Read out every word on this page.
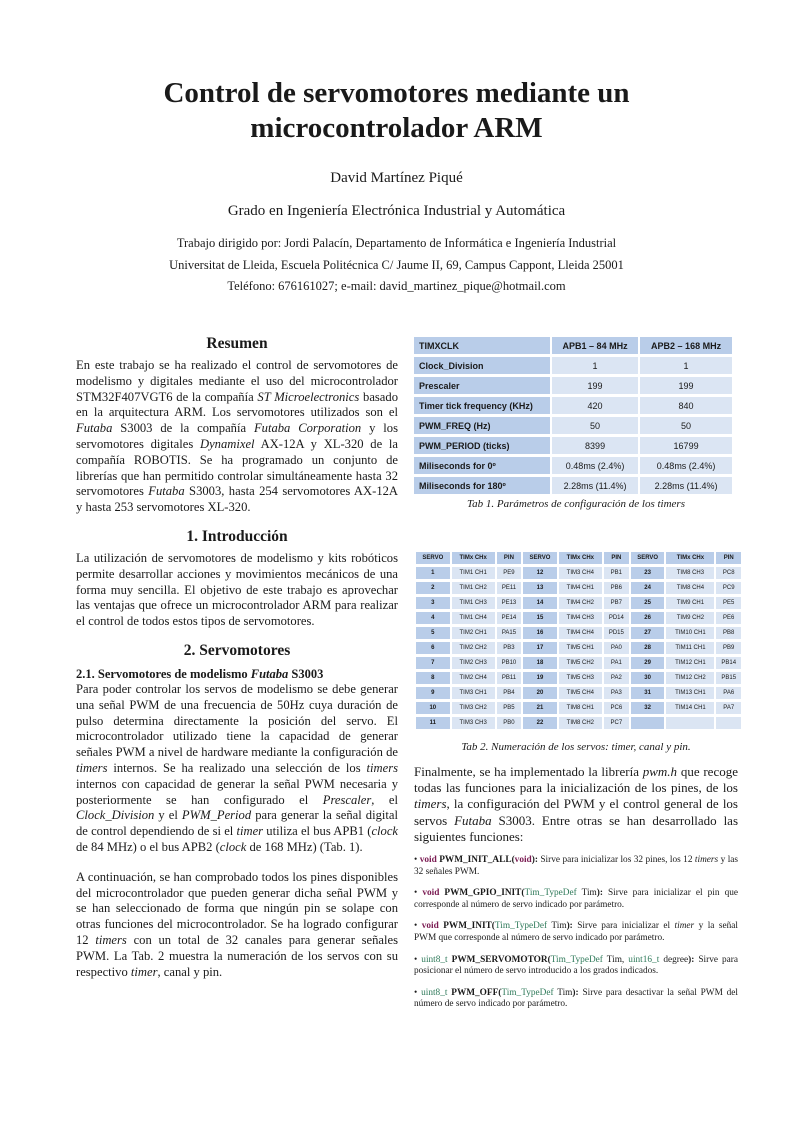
Control de servomotores mediante un
microcontrolador ARM
David Martínez Piqué
Grado en Ingeniería Electrónica Industrial y Automática
Trabajo dirigido por: Jordi Palacín, Departamento de Informática e Ingeniería Industrial
Universitat de Lleida, Escuela Politécnica C/ Jaume II, 69, Campus Cappont, Lleida 25001
Teléfono: 676161027; e-mail: david_martinez_pique@hotmail.com
Resumen

En este trabajo se ha realizado el control de servomotores de modelismo y digitales mediante el uso del microcontrolador STM32F407VGT6 de la compañía ST Microelectronics basado en la arquitectura ARM. Los servomotores utilizados son el Futaba S3003 de la compañía Futaba Corporation y los servomotores digitales Dynamixel AX-12A y XL-320 de la compañía ROBOTIS. Se ha programado un conjunto de librerías que han permitido controlar simultáneamente hasta 32 servomotores Futaba S3003, hasta 254 servomotores AX-12A y hasta 253 servomotores XL-320.

1. Introducción

La utilización de servomotores de modelismo y kits robóticos permite desarrollar acciones y movimientos mecánicos de una forma muy sencilla. El objetivo de este trabajo es aprovechar las ventajas que ofrece un microcontrolador ARM para realizar el control de todos estos tipos de servomotores.

2. Servomotores
2.1. Servomotores de modelismo Futaba S3003

Para poder controlar los servos de modelismo se debe generar una señal PWM de una frecuencia de 50Hz cuya duración de pulso determina directamente la posición del servo. El microcontrolador utilizado tiene la capacidad de generar señales PWM a nivel de hardware mediante la configuración de timers internos. Se ha realizado una selección de los timers internos con capacidad de generar la señal PWM necesaria y posteriormente se han configurado el Prescaler, el Clock_Division y el PWM_Period para generar la señal digital de control dependiendo de si el timer utiliza el bus APB1 (clock de 84 MHz) o el bus APB2 (clock de 168 MHz) (Tab. 1).

A continuación, se han comprobado todos los pines disponibles del microcontrolador que pueden generar dicha señal PWM y se han seleccionado de forma que ningún pin se solape con otras funciones del microcontrolador. Se ha logrado configurar 12 timers con un total de 32 canales para generar señales PWM. La Tab. 2 muestra la numeración de los servos con su respectivo timer, canal y pin.

TIMXCLK	APB1 – 84 MHz	APB2 – 168 MHz
Clock_Division	1	1
Prescaler	199	199
Timer tick frequency (KHz)	420	840
PWM_FREQ (Hz)	50	50
PWM_PERIOD (ticks)	8399	16799
Miliseconds for 0º	0.48ms (2.4%)	0.48ms (2.4%)
Miliseconds for 180º	2.28ms (11.4%)	2.28ms (11.4%)

Tab 1. Parámetros de configuración de los timers

SERVO	TIMx CHx	PIN	SERVO	TIMx CHx	PIN	SERVO	TIMx CHx	PIN
1	TIM1 CH1	PE9	12	TIM3 CH4	PB1	23	TIM8 CH3	PC8
2	TIM1 CH2	PE11	13	TIM4 CH1	PB6	24	TIM8 CH4	PC9
3	TIM1 CH3	PE13	14	TIM4 CH2	PB7	25	TIM9 CH1	PE5
4	TIM1 CH4	PE14	15	TIM4 CH3	PD14	26	TIM9 CH2	PE6
5	TIM2 CH1	PA15	16	TIM4 CH4	PD15	27	TIM10 CH1	PB8
6	TIM2 CH2	PB3	17	TIM5 CH1	PA0	28	TIM11 CH1	PB9
7	TIM2 CH3	PB10	18	TIM5 CH2	PA1	29	TIM12 CH1	PB14
8	TIM2 CH4	PB11	19	TIM5 CH3	PA2	30	TIM12 CH2	PB15
9	TIM3 CH1	PB4	20	TIM5 CH4	PA3	31	TIM13 CH1	PA6
10	TIM3 CH2	PB5	21	TIM8 CH1	PC6	32	TIM14 CH1	PA7
11	TIM3 CH3	PB0	22	TIM8 CH2	PC7			
Tab 2. Numeración de los servos: timer, canal y pin.

Finalmente, se ha implementado la librería pwm.h que recoge todas las funciones para la inicialización de los pines, de los timers, la configuración del PWM y el control general de los servos Futaba S3003. Entre otras se han desarrollado las siguientes funciones:

• void PWM_INIT_ALL(void): Sirve para inicializar los 32 pines, los 12 timers y las 32 señales PWM.

• void PWM_GPIO_INIT(Tim_TypeDef Tim): Sirve para inicializar el pin que corresponde al número de servo indicado por parámetro.

• void PWM_INIT(Tim_TypeDef Tim): Sirve para inicializar el timer y la señal PWM que corresponde al número de servo indicado por parámetro.

• uint8_t PWM_SERVOMOTOR(Tim_TypeDef Tim, uint16_t degree): Sirve para posicionar el número de servo introducido a los grados indicados.

• uint8_t PWM_OFF(Tim_TypeDef Tim): Sirve para desactivar la señal PWM del número de servo indicado por parámetro.
